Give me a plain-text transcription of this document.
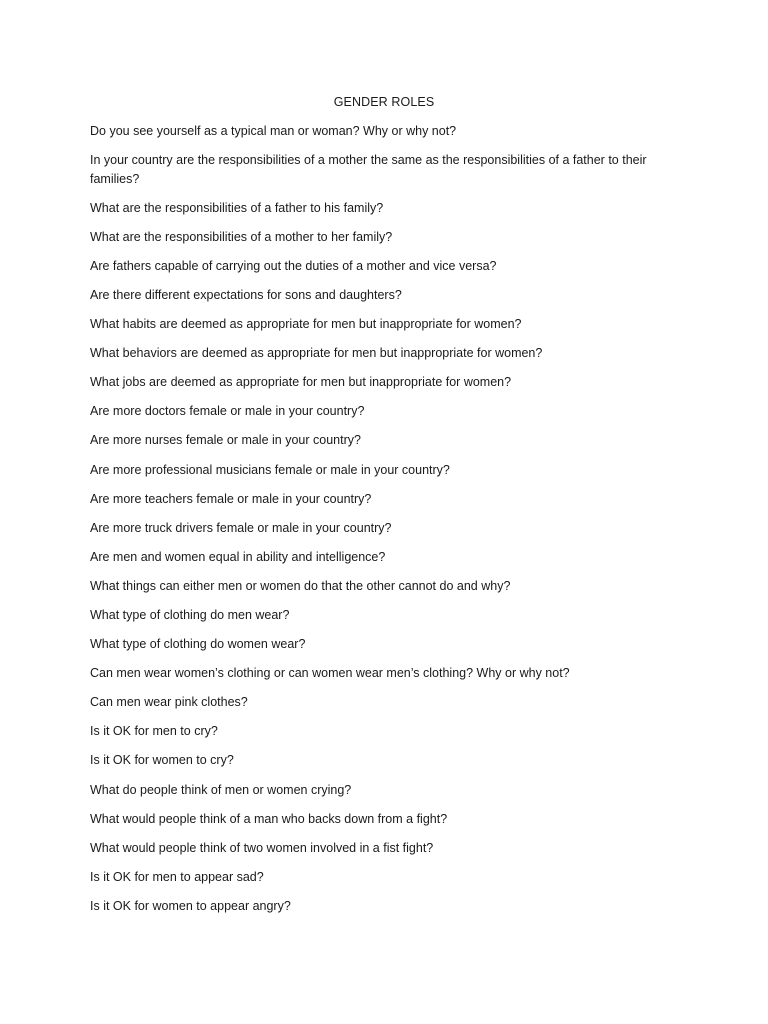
GENDER ROLES
Do you see yourself as a typical man or woman? Why or why not?
In your country are the responsibilities of a mother the same as the responsibilities of a father to their families?
What are the responsibilities of a father to his family?
What are the responsibilities of a mother to her family?
Are fathers capable of carrying out the duties of a mother and vice versa?
Are there different expectations for sons and daughters?
What habits are deemed as appropriate for men but inappropriate for women?
What behaviors are deemed as appropriate for men but inappropriate for women?
What jobs are deemed as appropriate for men but inappropriate for women?
Are more doctors female or male in your country?
Are more nurses female or male in your country?
Are more professional musicians female or male in your country?
Are more teachers female or male in your country?
Are more truck drivers female or male in your country?
Are men and women equal in ability and intelligence?
What things can either men or women do that the other cannot do and why?
What type of clothing do men wear?
What type of clothing do women wear?
Can men wear women’s clothing or can women wear men’s clothing? Why or why not?
Can men wear pink clothes?
Is it OK for men to cry?
Is it OK for women to cry?
What do people think of men or women crying?
What would people think of a man who backs down from a fight?
What would people think of two women involved in a fist fight?
Is it OK for men to appear sad?
Is it OK for women to appear angry?
